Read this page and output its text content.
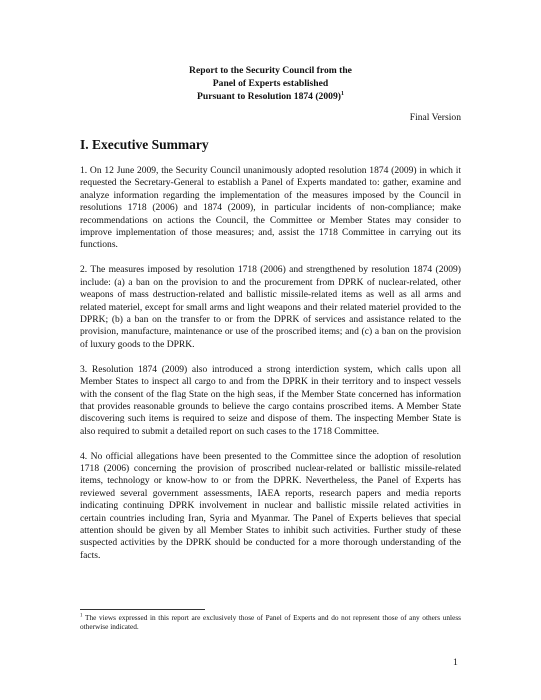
Report to the Security Council from the
Panel of Experts established
Pursuant to Resolution 1874 $(2009)^1$
Final Version
I. Executive Summary

1. On 12 June 2009, the Security Council unanimously adopted resolution 1874 (2009) in which it requested the Secretary-General to establish a Panel of Experts mandated to: gather, examine and analyze information regarding the implementation of the measures imposed by the Council in resolutions 1718 (2006) and 1874 (2009), in particular incidents of non-compliance; make recommendations on actions the Council, the Committee or Member States may consider to improve implementation of those measures; and, assist the 1718 Committee in carrying out its functions.

2. The measures imposed by resolution 1718 (2006) and strengthened by resolution 1874 (2009) include: (a) a ban on the provision to and the procurement from DPRK of nuclear-related, other weapons of mass destruction-related and ballistic missile-related items as well as all arms and related materiel, except for small arms and light weapons and their related materiel provided to the DPRK; (b) a ban on the transfer to or from the DPRK of services and assistance related to the provision, manufacture, maintenance or use of the proscribed items; and (c) a ban on the provision of luxury goods to the DPRK.

3. Resolution 1874 (2009) also introduced a strong interdiction system, which calls upon all Member States to inspect all cargo to and from the DPRK in their territory and to inspect vessels with the consent of the flag State on the high seas, if the Member State concerned has information that provides reasonable grounds to believe the cargo contains proscribed items. A Member State discovering such items is required to seize and dispose of them. The inspecting Member State is also required to submit a detailed report on such cases to the 1718 Committee.

4. No official allegations have been presented to the Committee since the adoption of resolution 1718 (2006) concerning the provision of proscribed nuclear-related or ballistic missile-related items, technology or know-how to or from the DPRK. Nevertheless, the Panel of Experts has reviewed several government assessments, IAEA reports, research papers and media reports indicating continuing DPRK involvement in nuclear and ballistic missile related activities in certain countries including Iran, Syria and Myanmar. The Panel of Experts believes that special attention should be given by all Member States to inhibit such activities. Further study of these suspected activities by the DPRK should be conducted for a more thorough understanding of the facts.

$^1$ The views expressed in this report are exclusively those of Panel of Experts and do not represent those of any others unless otherwise indicated.
1
